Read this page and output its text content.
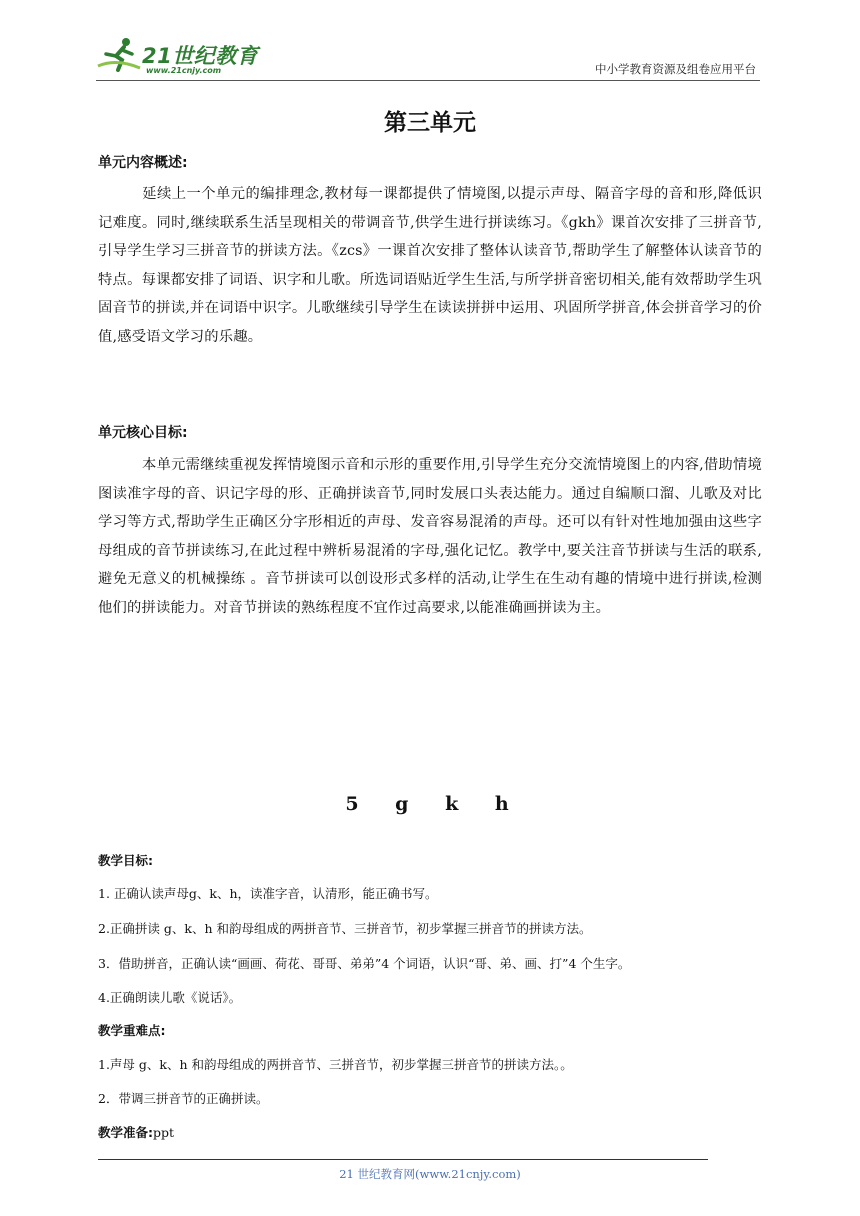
21世纪教育
www.21cnjy.com	中小学教育资源及组卷应用平台
第三单元
单元内容概述:
延续上一个单元的编排理念,教材每一课都提供了情境图,以提示声母、隔音字母的音和形,降低识记难度。同时,继续联系生活呈现相关的带调音节,供学生进行拼读练习。《gkh》课首次安排了三拼音节,引导学生学习三拼音节的拼读方法。《zcs》一课首次安排了整体认读音节,帮助学生了解整体认读音节的特点。每课都安排了词语、识字和儿歌。所选词语贴近学生生活,与所学拼音密切相关,能有效帮助学生巩固音节的拼读,并在词语中识字。儿歌继续引导学生在读读拼拼中运用、巩固所学拼音,体会拼音学习的价值,感受语文学习的乐趣。
单元核心目标:
本单元需继续重视发挥情境图示音和示形的重要作用,引导学生充分交流情境图上的内容,借助情境图读准字母的音、识记字母的形、正确拼读音节,同时发展口头表达能力。通过自编顺口溜、儿歌及对比学习等方式,帮助学生正确区分字形相近的声母、发音容易混淆的声母。还可以有针对性地加强由这些字母组成的音节拼读练习,在此过程中辨析易混淆的字母,强化记忆。教学中,要关注音节拼读与生活的联系,避免无意义的机械操练 。音节拼读可以创设形式多样的活动,让学生在生动有趣的情境中进行拼读,检测他们的拼读能力。对音节拼读的熟练程度不宜作过高要求,以能准确画拼读为主。
5 g k h
教学目标:
1. 正确认读声母g、k、h，读准字音，认清形，能正确书写。
2.正确拼读 g、k、h 和韵母组成的两拼音节、三拼音节，初步掌握三拼音节的拼读方法。
3．借助拼音，正确认读“画画、荷花、哥哥、弟弟”4 个词语，认识“哥、弟、画、打”4 个生字。
4.正确朗读儿歌《说话》。
教学重难点:
1.声母 g、k、h 和韵母组成的两拼音节、三拼音节，初步掌握三拼音节的拼读方法。。
2．带调三拼音节的正确拼读。
教学准备:ppt
21 世纪教育网(www.21cnjy.com)
